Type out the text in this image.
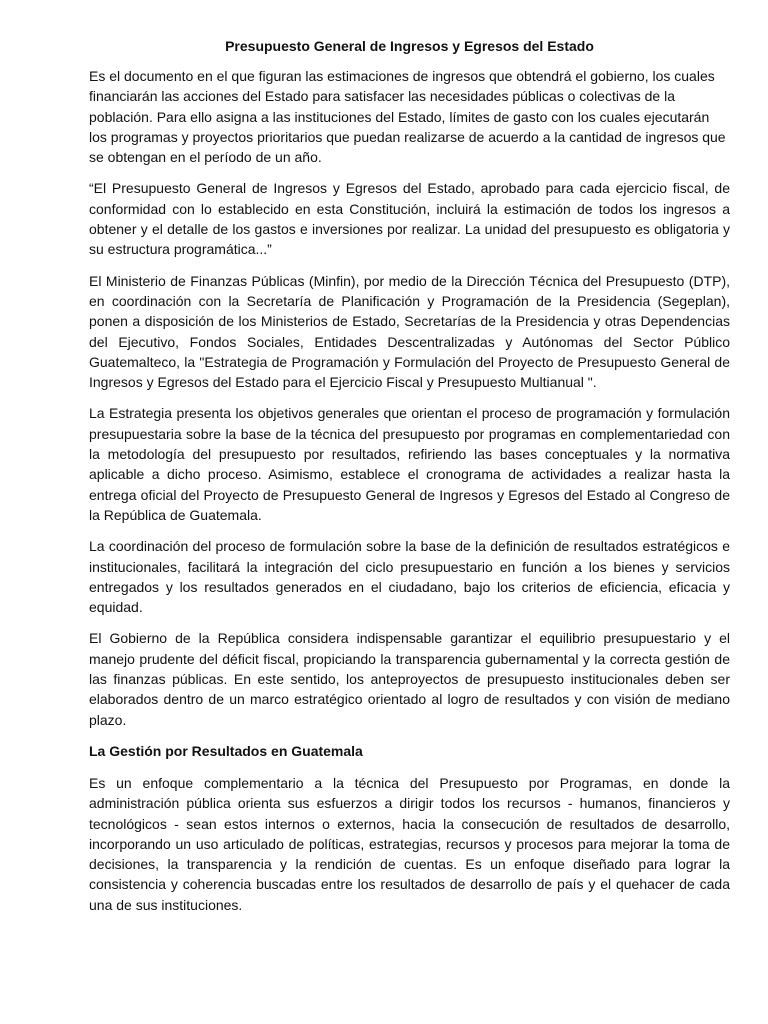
Presupuesto General de Ingresos y Egresos del Estado

Es el documento en el que figuran las estimaciones de ingresos que obtendrá el gobierno, los cuales financiarán las acciones del Estado para satisfacer las necesidades públicas o colectivas de la población. Para ello asigna a las instituciones del Estado, límites de gasto con los cuales ejecutarán los programas y proyectos prioritarios que puedan realizarse de acuerdo a la cantidad de ingresos que se obtengan en el período de un año.

“El Presupuesto General de Ingresos y Egresos del Estado, aprobado para cada ejercicio fiscal, de conformidad con lo establecido en esta Constitución, incluirá la estimación de todos los ingresos a obtener y el detalle de los gastos e inversiones por realizar. La unidad del presupuesto es obligatoria y su estructura programática...”

El Ministerio de Finanzas Públicas (Minfin), por medio de la Dirección Técnica del Presupuesto (DTP), en coordinación con la Secretaría de Planificación y Programación de la Presidencia (Segeplan), ponen a disposición de los Ministerios de Estado, Secretarías de la Presidencia y otras Dependencias del Ejecutivo, Fondos Sociales, Entidades Descentralizadas y Autónomas del Sector Público Guatemalteco, la "Estrategia de Programación y Formulación del Proyecto de Presupuesto General de Ingresos y Egresos del Estado para el Ejercicio Fiscal y Presupuesto Multianual ".

La Estrategia presenta los objetivos generales que orientan el proceso de programación y formulación presupuestaria sobre la base de la técnica del presupuesto por programas en complementariedad con la metodología del presupuesto por resultados, refiriendo las bases conceptuales y la normativa aplicable a dicho proceso. Asimismo, establece el cronograma de actividades a realizar hasta la entrega oficial del Proyecto de Presupuesto General de Ingresos y Egresos del Estado al Congreso de la República de Guatemala.

La coordinación del proceso de formulación sobre la base de la definición de resultados estratégicos e institucionales, facilitará la integración del ciclo presupuestario en función a los bienes y servicios entregados y los resultados generados en el ciudadano, bajo los criterios de eficiencia, eficacia y equidad.

El Gobierno de la República considera indispensable garantizar el equilibrio presupuestario y el manejo prudente del déficit fiscal, propiciando la transparencia gubernamental y la correcta gestión de las finanzas públicas. En este sentido, los anteproyectos de presupuesto institucionales deben ser elaborados dentro de un marco estratégico orientado al logro de resultados y con visión de mediano plazo.

La Gestión por Resultados en Guatemala

Es un enfoque complementario a la técnica del Presupuesto por Programas, en donde la administración pública orienta sus esfuerzos a dirigir todos los recursos - humanos, financieros y tecnológicos - sean estos internos o externos, hacia la consecución de resultados de desarrollo, incorporando un uso articulado de políticas, estrategias, recursos y procesos para mejorar la toma de decisiones, la transparencia y la rendición de cuentas. Es un enfoque diseñado para lograr la consistencia y coherencia buscadas entre los resultados de desarrollo de país y el quehacer de cada una de sus instituciones.
